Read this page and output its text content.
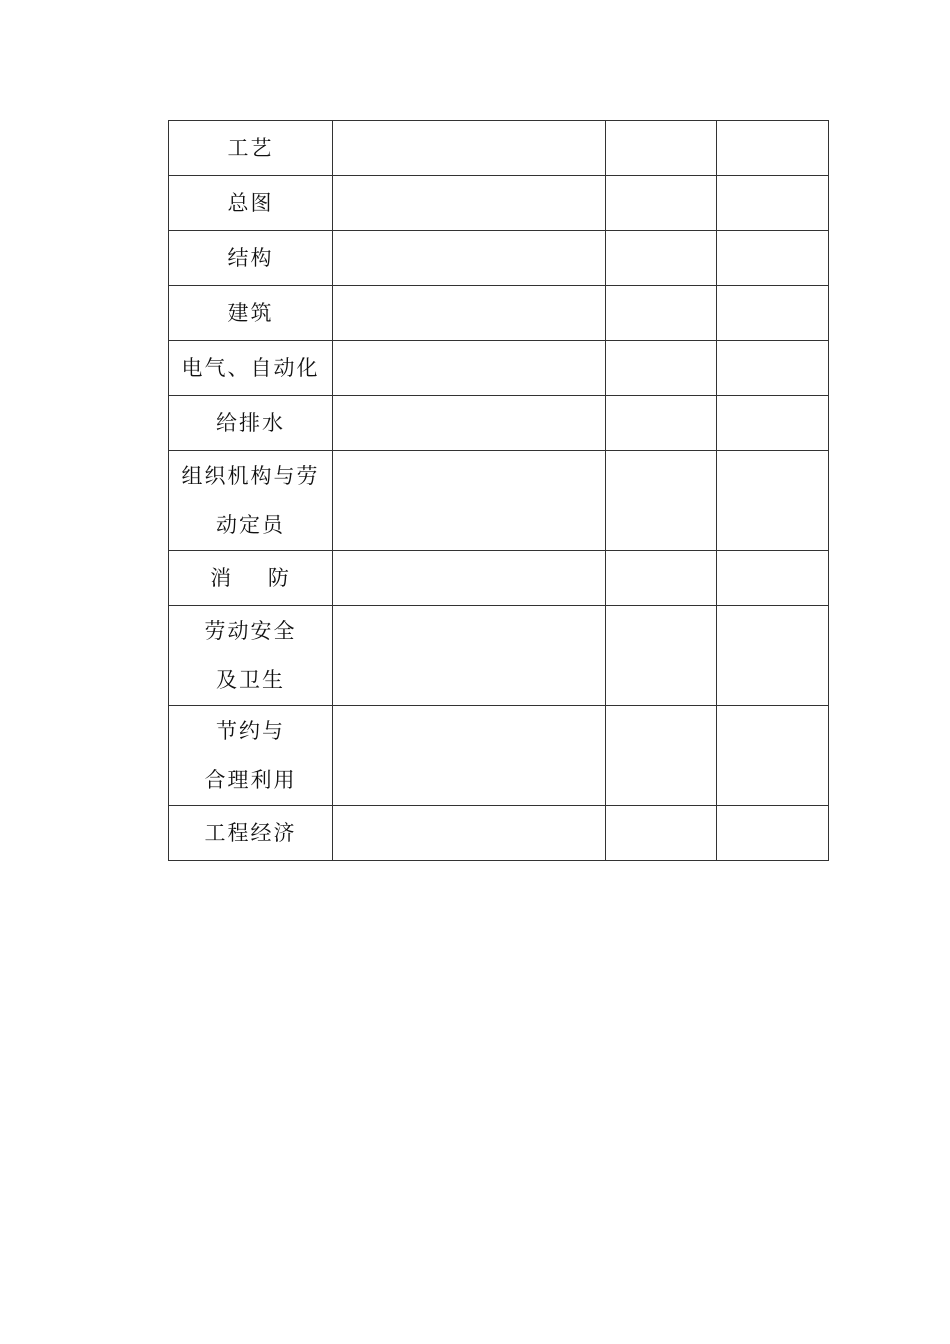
工艺			

总图			

结构			

建筑			

电气、自动化			

给排水			

组织机构与劳
动定员			

消    防			

劳动安全
及卫生			

节约与
合理利用			

工程经济			
